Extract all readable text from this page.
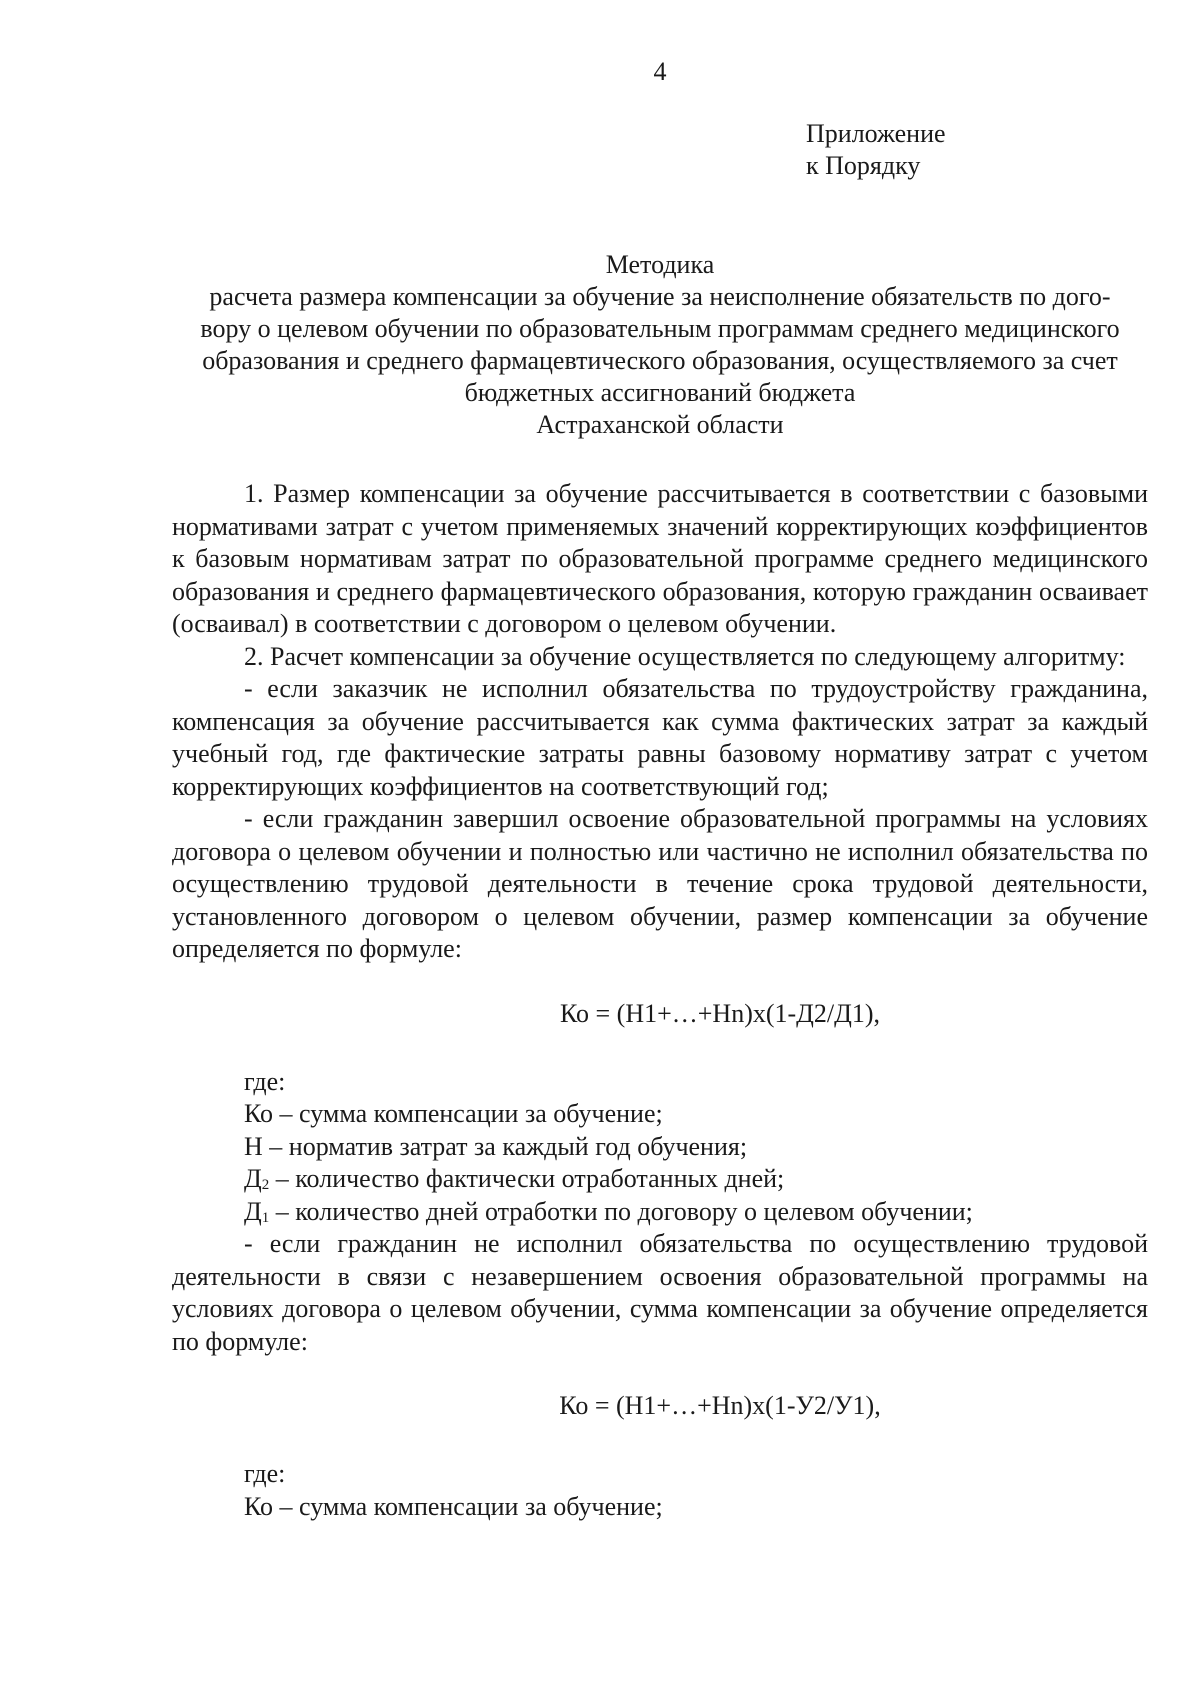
4
Приложение
к Порядку
Методика
расчета размера компенсации за обучение за неисполнение обязательств по дого-
вору о целевом обучении по образовательным программам среднего медицинского
образования и среднего фармацевтического образования, осуществляемого за счет
бюджетных ассигнований бюджета
Астраханской области

1. Размер компенсации за обучение рассчитывается в соответствии с базовыми нормативами затрат с учетом применяемых значений корректирующих коэффициентов к базовым нормативам затрат по образовательной программе среднего медицинского образования и среднего фармацевтического образования, которую гражданин осваивает (осваивал) в соответствии с договором о целевом обучении.

2. Расчет компенсации за обучение осуществляется по следующему алгоритму:

- если заказчик не исполнил обязательства по трудоустройству гражданина, компенсация за обучение рассчитывается как сумма фактических затрат за каждый учебный год, где фактические затраты равны базовому нормативу затрат с учетом корректирующих коэффициентов на соответствующий год;

- если гражданин завершил освоение образовательной программы на условиях договора о целевом обучении и полностью или частично не исполнил обязательства по осуществлению трудовой деятельности в течение срока трудовой деятельности, установленного договором о целевом обучении, размер компенсации за обучение определяется по формуле:

Ко = (Н1+…+Нn)х(1-Д2/Д1),
где:
Ко – сумма компенсации за обучение;
Н – норматив затрат за каждый год обучения;
$Д_2$ – количество фактически отработанных дней;
$Д_1$ – количество дней отработки по договору о целевом обучении;

- если гражданин не исполнил обязательства по осуществлению трудовой деятельности в связи с незавершением освоения образовательной программы на условиях договора о целевом обучении, сумма компенсации за обучение определяется по формуле:

Ко = (Н1+…+Нn)х(1-У2/У1),
где:
Ко – сумма компенсации за обучение;
